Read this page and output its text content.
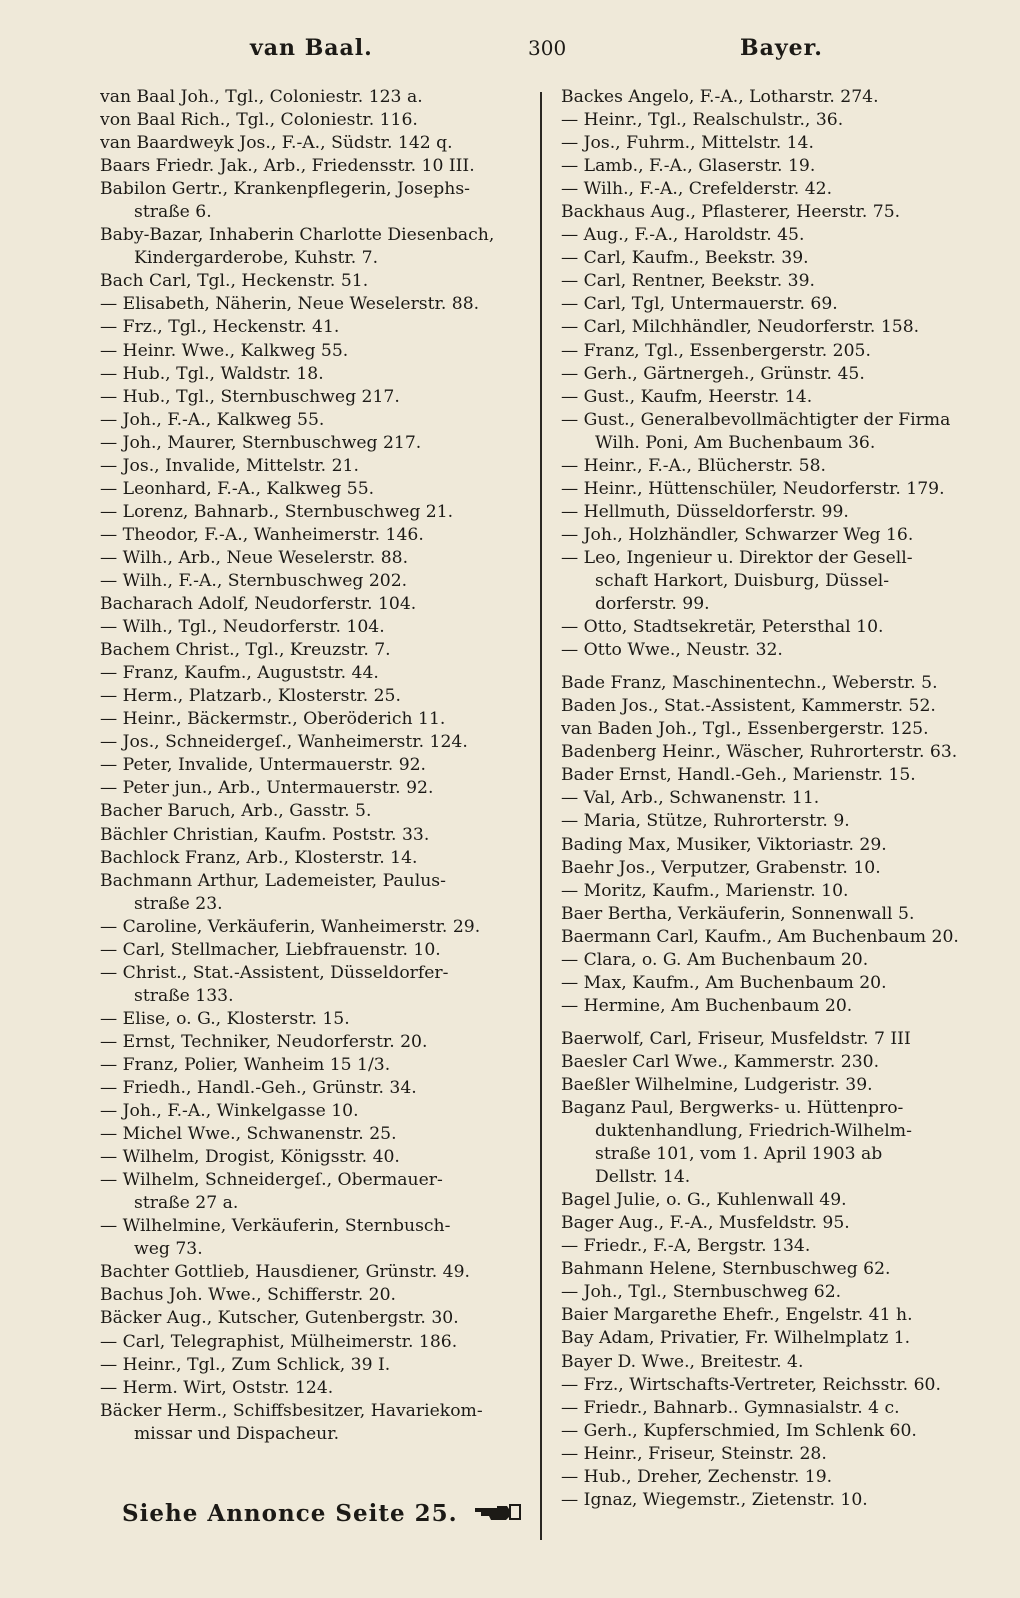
van Baal.	300	Bayer.
van Baal Joh., Tgl., Coloniestr. 123 a.
von Baal Rich., Tgl., Coloniestr. 116.
van Baardweyk Jos., F.-A., Südstr. 142 q.
Baars Friedr. Jak., Arb., Friedensstr. 10 III.
Babilon Gertr., Krankenpflegerin, Josephs-
straße 6.
Baby-Bazar, Inhaberin Charlotte Diesenbach,
Kindergarderobe, Kuhstr. 7.
Bach Carl, Tgl., Heckenstr. 51.
— Elisabeth, Näherin, Neue Weselerstr. 88.
— Frz., Tgl., Heckenstr. 41.
— Heinr. Wwe., Kalkweg 55.
— Hub., Tgl., Waldstr. 18.
— Hub., Tgl., Sternbuschweg 217.
— Joh., F.-A., Kalkweg 55.
— Joh., Maurer, Sternbuschweg 217.
— Jos., Invalide, Mittelstr. 21.
— Leonhard, F.-A., Kalkweg 55.
— Lorenz, Bahnarb., Sternbuschweg 21.
— Theodor, F.-A., Wanheimerstr. 146.
— Wilh., Arb., Neue Weselerstr. 88.
— Wilh., F.-A., Sternbuschweg 202.
Bacharach Adolf, Neudorferstr. 104.
— Wilh., Tgl., Neudorferstr. 104.
Bachem Christ., Tgl., Kreuzstr. 7.
— Franz, Kaufm., Auguststr. 44.
— Herm., Platzarb., Klosterstr. 25.
— Heinr., Bäckermstr., Oberöderich 11.
— Jos., Schneidergeſ., Wanheimerstr. 124.
— Peter, Invalide, Untermauerstr. 92.
— Peter jun., Arb., Untermauerstr. 92.
Bacher Baruch, Arb., Gasstr. 5.
Bächler Christian, Kaufm. Poststr. 33.
Bachlock Franz, Arb., Klosterstr. 14.
Bachmann Arthur, Lademeister, Paulus-
straße 23.
— Caroline, Verkäuferin, Wanheimerstr. 29.
— Carl, Stellmacher, Liebfrauenstr. 10.
— Christ., Stat.-Assistent, Düsseldorfer-
straße 133.
— Elise, o. G., Klosterstr. 15.
— Ernst, Techniker, Neudorferstr. 20.
— Franz, Polier, Wanheim 15 1/3.
— Friedh., Handl.-Geh., Grünstr. 34.
— Joh., F.-A., Winkelgasse 10.
— Michel Wwe., Schwanenstr. 25.
— Wilhelm, Drogist, Königsstr. 40.
— Wilhelm, Schneidergeſ., Obermauer-
straße 27 a.
— Wilhelmine, Verkäuferin, Sternbusch-
weg 73.
Bachter Gottlieb, Hausdiener, Grünstr. 49.
Bachus Joh. Wwe., Schifferstr. 20.
Bäcker Aug., Kutscher, Gutenbergstr. 30.
— Carl, Telegraphist, Mülheimerstr. 186.
— Heinr., Tgl., Zum Schlick, 39 I.
— Herm. Wirt, Oststr. 124.
Bäcker Herm., Schiffsbesitzer, Havariekom-
missar und Dispacheur.
Backes Angelo, F.-A., Lotharstr. 274.
— Heinr., Tgl., Realschulstr., 36.
— Jos., Fuhrm., Mittelstr. 14.
— Lamb., F.-A., Glaserstr. 19.
— Wilh., F.-A., Crefelderstr. 42.
Backhaus Aug., Pflasterer, Heerstr. 75.
— Aug., F.-A., Haroldstr. 45.
— Carl, Kaufm., Beekstr. 39.
— Carl, Rentner, Beekstr. 39.
— Carl, Tgl, Untermauerstr. 69.
— Carl, Milchhändler, Neudorferstr. 158.
— Franz, Tgl., Essenbergerstr. 205.
— Gerh., Gärtnergeh., Grünstr. 45.
— Gust., Kaufm, Heerstr. 14.
— Gust., Generalbevollmächtigter der Firma
Wilh. Poni, Am Buchenbaum 36.
— Heinr., F.-A., Blücherstr. 58.
— Heinr., Hüttenschüler, Neudorferstr. 179.
— Hellmuth, Düsseldorferstr. 99.
— Joh., Holzhändler, Schwarzer Weg 16.
— Leo, Ingenieur u. Direktor der Gesell-
schaft Harkort, Duisburg, Düssel-
dorferstr. 99.
— Otto, Stadtsekretär, Petersthal 10.
— Otto Wwe., Neustr. 32.
Bade Franz, Maschinentechn., Weberstr. 5.
Baden Jos., Stat.-Assistent, Kammerstr. 52.
van Baden Joh., Tgl., Essenbergerstr. 125.
Badenberg Heinr., Wäscher, Ruhrorterstr. 63.
Bader Ernst, Handl.-Geh., Marienstr. 15.
— Val, Arb., Schwanenstr. 11.
— Maria, Stütze, Ruhrorterstr. 9.
Bading Max, Musiker, Viktoriastr. 29.
Baehr Jos., Verputzer, Grabenstr. 10.
— Moritz, Kaufm., Marienstr. 10.
Baer Bertha, Verkäuferin, Sonnenwall 5.
Baermann Carl, Kaufm., Am Buchenbaum 20.
— Clara, o. G. Am Buchenbaum 20.
— Max, Kaufm., Am Buchenbaum 20.
— Hermine, Am Buchenbaum 20.
Baerwolf, Carl, Friseur, Musfeldstr. 7 III
Baesler Carl Wwe., Kammerstr. 230.
Baeßler Wilhelmine, Ludgeristr. 39.
Baganz Paul, Bergwerks- u. Hüttenpro-
duktenhandlung, Friedrich-Wilhelm-
straße 101, vom 1. April 1903 ab
Dellstr. 14.
Bagel Julie, o. G., Kuhlenwall 49.
Bager Aug., F.-A., Musfeldstr. 95.
— Friedr., F.-A, Bergstr. 134.
Bahmann Helene, Sternbuschweg 62.
— Joh., Tgl., Sternbuschweg 62.
Baier Margarethe Ehefr., Engelstr. 41 h.
Bay Adam, Privatier, Fr. Wilhelmplatz 1.
Bayer D. Wwe., Breitestr. 4.
— Frz., Wirtschafts-Vertreter, Reichsstr. 60.
— Friedr., Bahnarb.. Gymnasialstr. 4 c.
— Gerh., Kupferschmied, Im Schlenk 60.
— Heinr., Friseur, Steinstr. 28.
— Hub., Dreher, Zechenstr. 19.
— Ignaz, Wiegemstr., Zietenstr. 10.
Siehe Annonce Seite 25.
